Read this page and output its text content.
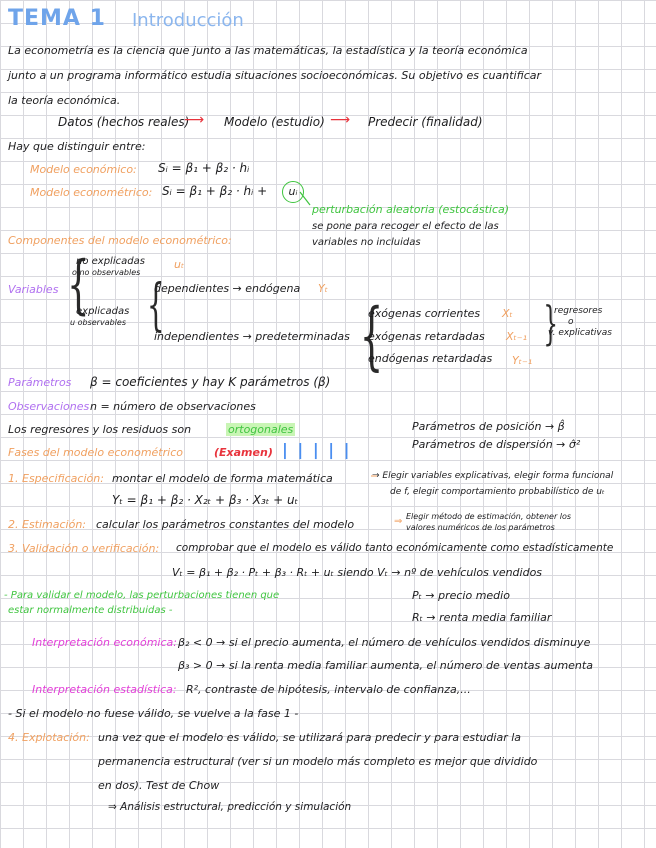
TEMA 1 Introducción
La econometría es la ciencia que junto a las matemáticas, la estadística y la teoría económica
junto a un programa informático estudia situaciones socioeconómicas. Su objetivo es cuantificar
la teoría económica.
Datos (hechos reales)
⟶ Modelo (estudio) ⟶ Predecir (finalidad)
Hay que distinguir entre:
Modelo económico: Sᵢ = β₁ + β₂ · hᵢ
Modelo econométrico: Sᵢ = β₁ + β₂ · hᵢ +	uᵢ
perturbación aleatoria (estocástica)
se pone para recoger el efecto de las
variables no incluidas
Componentes del modelo econométrico:
Variables {
no explicadas
o no observables
uₜ
explicadas
u observables {
dependientes → endógena Yₜ
independientes → predeterminadas {
exógenas corrientes Xₜ
exógenas retardadas Xₜ₋₁
endógenas retardadas Yₜ₋₁
}
regresores
o
v. explicativas
Parámetros β = coeficientes y hay K parámetros (β)
Observaciones n = número de observaciones
Los regresores y los residuos son	ortogonales	Parámetros de posición → β̂
Parámetros de dispersión → σ̂²
Fases del modelo econométrico	(Examen) | | | | |
1. Especificación: montar el modelo de forma matemática
Yₜ = β₁ + β₂ · X₂ₜ + β₃ · X₃ₜ + uₜ
⇒ Elegir variables explicativas, elegir forma funcional
de f, elegir comportamiento probabilístico de uₜ
2. Estimación: calcular los parámetros constantes del modelo	⇒ Elegir método de estimación, obtener los
valores numéricos de los parámetros
3. Validación o verificación: comprobar que el modelo es válido tanto económicamente como estadísticamente
Vₜ = β₁ + β₂ · Pₜ + β₃ · Rₜ + uₜ siendo Vₜ → nº de vehículos vendidos
Pₜ → precio medio
Rₜ → renta media familiar
- Para validar el modelo, las perturbaciones tienen que
estar normalmente distribuidas -
Interpretación económica: β₂ < 0 → si el precio aumenta, el número de vehículos vendidos disminuye
β₃ > 0 → si la renta media familiar aumenta, el número de ventas aumenta
Interpretación estadística: R², contraste de hipótesis, intervalo de confianza,...
- Si el modelo no fuese válido, se vuelve a la fase 1 -
4. Explotación: una vez que el modelo es válido, se utilizará para predecir y para estudiar la
permanencia estructural (ver si un modelo más completo es mejor que dividido
en dos). Test de Chow
⇒ Análisis estructural, predicción y simulación
